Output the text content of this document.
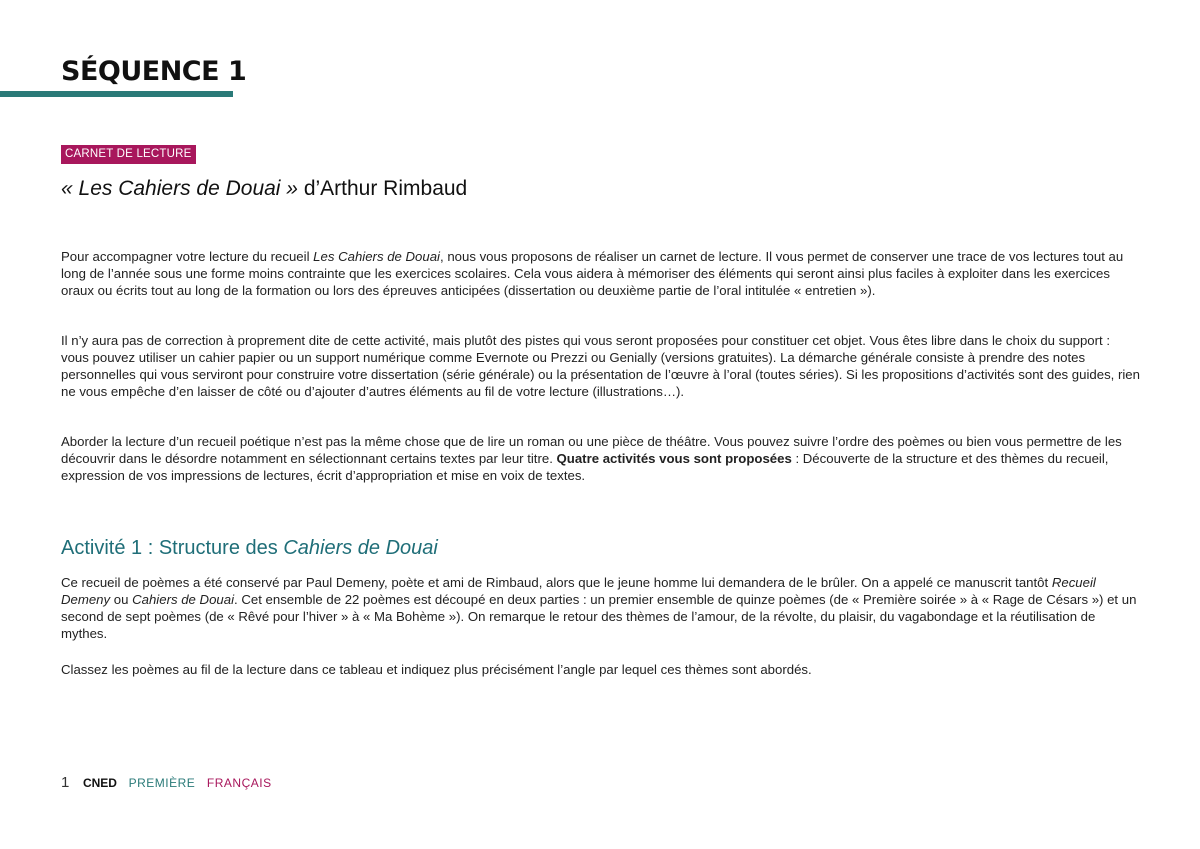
SÉQUENCE 1
CARNET DE LECTURE
« Les Cahiers de Douai » d’Arthur Rimbaud

Pour accompagner votre lecture du recueil Les Cahiers de Douai, nous vous proposons de réaliser un carnet de lecture. Il vous permet de conserver une trace de vos lectures tout au long de l’année sous une forme moins contrainte que les exercices scolaires. Cela vous aidera à mémoriser des éléments qui seront ainsi plus faciles à exploiter dans les exercices oraux ou écrits tout au long de la formation ou lors des épreuves anticipées (dissertation ou deuxième partie de l’oral intitulée « entretien »).

Il n’y aura pas de correction à proprement dite de cette activité, mais plutôt des pistes qui vous seront proposées pour constituer cet objet. Vous êtes libre dans le choix du support : vous pouvez utiliser un cahier papier ou un support numérique comme Evernote ou Prezzi ou Genially (versions gratuites). La démarche générale consiste à prendre des notes personnelles qui vous serviront pour construire votre dissertation (série générale) ou la présentation de l’œuvre à l’oral (toutes séries). Si les propositions d’activités sont des guides, rien ne vous empêche d’en laisser de côté ou d’ajouter d’autres éléments au fil de votre lecture (illustrations…).

Aborder la lecture d’un recueil poétique n’est pas la même chose que de lire un roman ou une pièce de théâtre. Vous pouvez suivre l’ordre des poèmes ou bien vous permettre de les découvrir dans le désordre notamment en sélectionnant certains textes par leur titre. Quatre activités vous sont proposées : Découverte de la structure et des thèmes du recueil, expression de vos impressions de lectures, écrit d’appropriation et mise en voix de textes.

Activité 1 : Structure des Cahiers de Douai

Ce recueil de poèmes a été conservé par Paul Demeny, poète et ami de Rimbaud, alors que le jeune homme lui demandera de le brûler. On a appelé ce manuscrit tantôt Recueil Demeny ou Cahiers de Douai. Cet ensemble de 22 poèmes est découpé en deux parties : un premier ensemble de quinze poèmes (de « Première soirée » à « Rage de Césars ») et un second de sept poèmes (de « Rêvé pour l’hiver » à « Ma Bohème »). On remarque le retour des thèmes de l’amour, de la révolte, du plaisir, du vagabondage et la réutilisation de mythes.

Classez les poèmes au fil de la lecture dans ce tableau et indiquez plus précisément l’angle par lequel ces thèmes sont abordés.

1 CNED PREMIÈRE FRANÇAIS
